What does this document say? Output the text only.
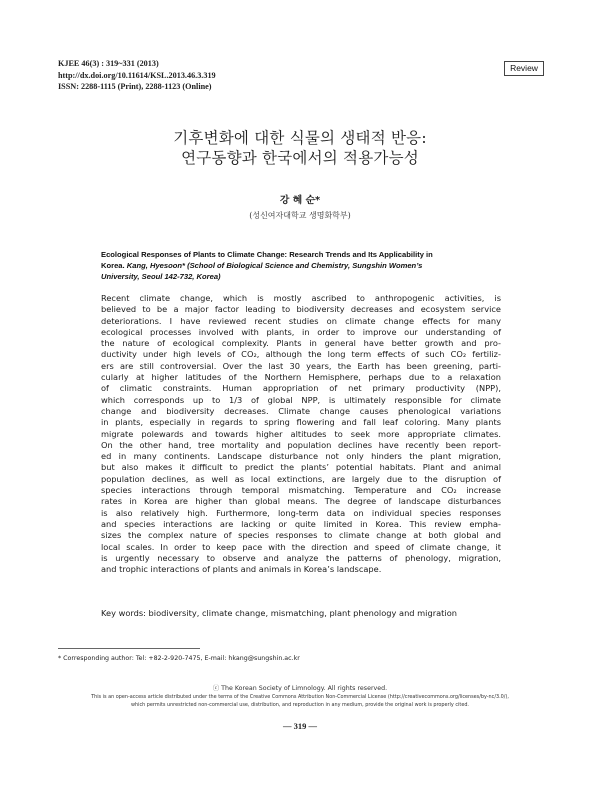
KJEE 46(3) : 319~331 (2013)
http://dx.doi.org/10.11614/KSL.2013.46.3.319
ISSN: 2288-1115 (Print), 2288-1123 (Online)
Review
기후변화에 대한 식물의 생태적 반응:
연구동향과 한국에서의 적용가능성
강 혜 순*
(성신여자대학교 생명화학부)
Ecological Responses of Plants to Climate Change: Research Trends and Its Applicability in
Korea. Kang, Hyesoon* (School of Biological Science and Chemistry, Sungshin Women’s
University, Seoul 142-732, Korea)
Recent climate change, which is mostly ascribed to anthropogenic activities, is
believed to be a major factor leading to biodiversity decreases and ecosystem service
deteriorations. I have reviewed recent studies on climate change effects for many
ecological processes involved with plants, in order to improve our understanding of
the nature of ecological complexity. Plants in general have better growth and pro-
ductivity under high levels of CO₂, although the long term effects of such CO₂ fertiliz-
ers are still controversial. Over the last 30 years, the Earth has been greening, parti-
cularly at higher latitudes of the Northern Hemisphere, perhaps due to a relaxation
of climatic constraints. Human appropriation of net primary productivity (NPP),
which corresponds up to 1/3 of global NPP, is ultimately responsible for climate
change and biodiversity decreases. Climate change causes phenological variations
in plants, especially in regards to spring flowering and fall leaf coloring. Many plants
migrate polewards and towards higher altitudes to seek more appropriate climates.
On the other hand, tree mortality and population declines have recently been report-
ed in many continents. Landscape disturbance not only hinders the plant migration,
but also makes it difficult to predict the plants’ potential habitats. Plant and animal
population declines, as well as local extinctions, are largely due to the disruption of
species interactions through temporal mismatching. Temperature and CO₂ increase
rates in Korea are higher than global means. The degree of landscape disturbances
is also relatively high. Furthermore, long-term data on individual species responses
and species interactions are lacking or quite limited in Korea. This review empha-
sizes the complex nature of species responses to climate change at both global and
local scales. In order to keep pace with the direction and speed of climate change, it
is urgently necessary to observe and analyze the patterns of phenology, migration,
and trophic interactions of plants and animals in Korea’s landscape.
Key words: biodiversity, climate change, mismatching, plant phenology and migration
* Corresponding author: Tel: +82-2-920-7475, E-mail: hkang@sungshin.ac.kr
ⓒ The Korean Society of Limnology. All rights reserved.
This is an open-access article distributed under the terms of the Creative Commons Attribution Non-Commercial License (http://creativecommons.org/licenses/by-nc/3.0/),
which permits unrestricted non-commercial use, distribution, and reproduction in any medium, provide the original work is properly cited.
— 319 —
